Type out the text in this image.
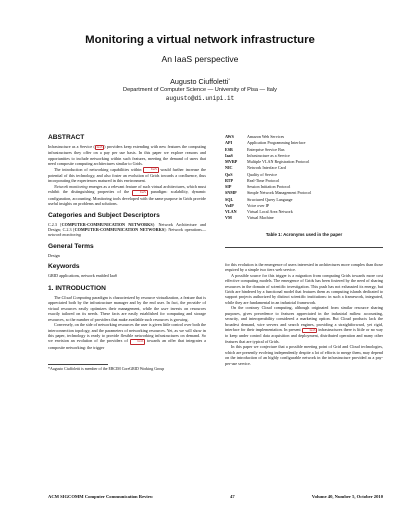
Monitoring a virtual network infrastructure
An IaaS perspective
Augusto Ciuffoletti*
Department of Computer Science — University of Pisa — Italy
augusto@di.unipi.it
ABSTRACT

Infrastructure as a Service ( IaaS ) providers keep extending with new features the computing infrastructures they offer on a pay per use basis. In this paper we explore reasons and opportunities to include networking within such features, meeting the demand of users that need composite computing architectures similar to Grids.

The introduction of networking capabilities within IaaS would further increase the potential of this technology, and also foster an evolution of Grids towards a confluence, thus incorporating the experiences matured in this environment.

Network monitoring emerges as a relevant feature of such virtual architectures, which must exhibit the distinguishing properties of the IaaS paradigm: scalability, dynamic configuration, accounting. Monitoring tools developed with the same purpose in Grids provide useful insights on problems and solutions.

Categories and Subject Descriptors

C.2.3 [COMPUTER-COMMUNICATION NETWORKS]: Network Architecture and Design; C.2.3 [COMPUTER-COMMUNICATION NETWORKS]: Network operations—network monitoring

General Terms

Design

Keywords

GRID applications, network enabled IaaS

1. INTRODUCTION

The Cloud Computing paradigm is characterized by resource virtualization, a feature that is appreciated both by the infrastructure manager and by the end user. In fact, the provider of virtual resources easily optimizes their management, while the user invests on resources exactly tailored on its needs. These facts are easily established for computing and storage resources, so the number of providers that make available such resources is growing.

Conversely, on the side of networking resources the user is given little control over both the interconnection topology, and the parameters of networking resources. Yet, as we will show in this paper, technology is ready to provide flexible networking infrastructures on demand. So we envision an evolution of the providers of IaaS towards an offer that integrates a composite networking: the trigger

*Augusto Ciuffoletti is member of the ERCIM CoreGRID Working Group

AWS	Amazon Web Services
API	Application Programming Interface
ESB	Enterprise Service Bus
IaaS	Infrastructure as a Service
MVRP	Multiple VLAN Registration Protocol
NIC	Network Interface Card
QoS	Quality of Service
RTP	Real-Time Protocol
SIP	Session Initiation Protocol
SNMP	Simple Network Management Protocol
SQL	Structured Query Language
VoIP	Voice over IP
VLAN	Virtual Local Area Network
VM	Virtual Machine
Table 1: Acronyms used in the paper

for this evolution is the emergence of users interested in architectures more complex than those required by a simple two tiers web service.

A possible source for this trigger is a migration from computing Grids towards more cost effective computing models. The emergence of Grids has been fostered by the need of sharing resources in the domain of scientific investigation. This push has not exhausted its energy, but Grids are hindered by a functional model that features them as computing islands dedicated to support projects authorized by distinct scientific institutions: in such a framework, integrated, while they are fundamental in an industrial framework.

On the contrary Cloud computing, although originated from similar resource sharing purposes, gives precedence to features appreciated in the industrial milieu: accounting, security, and interoperability considered a marketing option. But Cloud products lack the broadest demand, wire servers and search engines, providing a straightforward, yet rigid, interface for their implementation. In present IaaS infrastructures there is little or no way to keep under control data acquisition and deployment, distributed operation and many other features that are typical of Grids.

In this paper we conjecture that a possible meeting point of Grid and Cloud technologies, which are presently evolving independently despite a lot of efforts to merge them, may depend on the introduction of an highly configurable network in the infrastructure provided as a pay-per-use service.

ACM SIGCOMM Computer Communication Review	47	Volume 40, Number 5, October 2010
